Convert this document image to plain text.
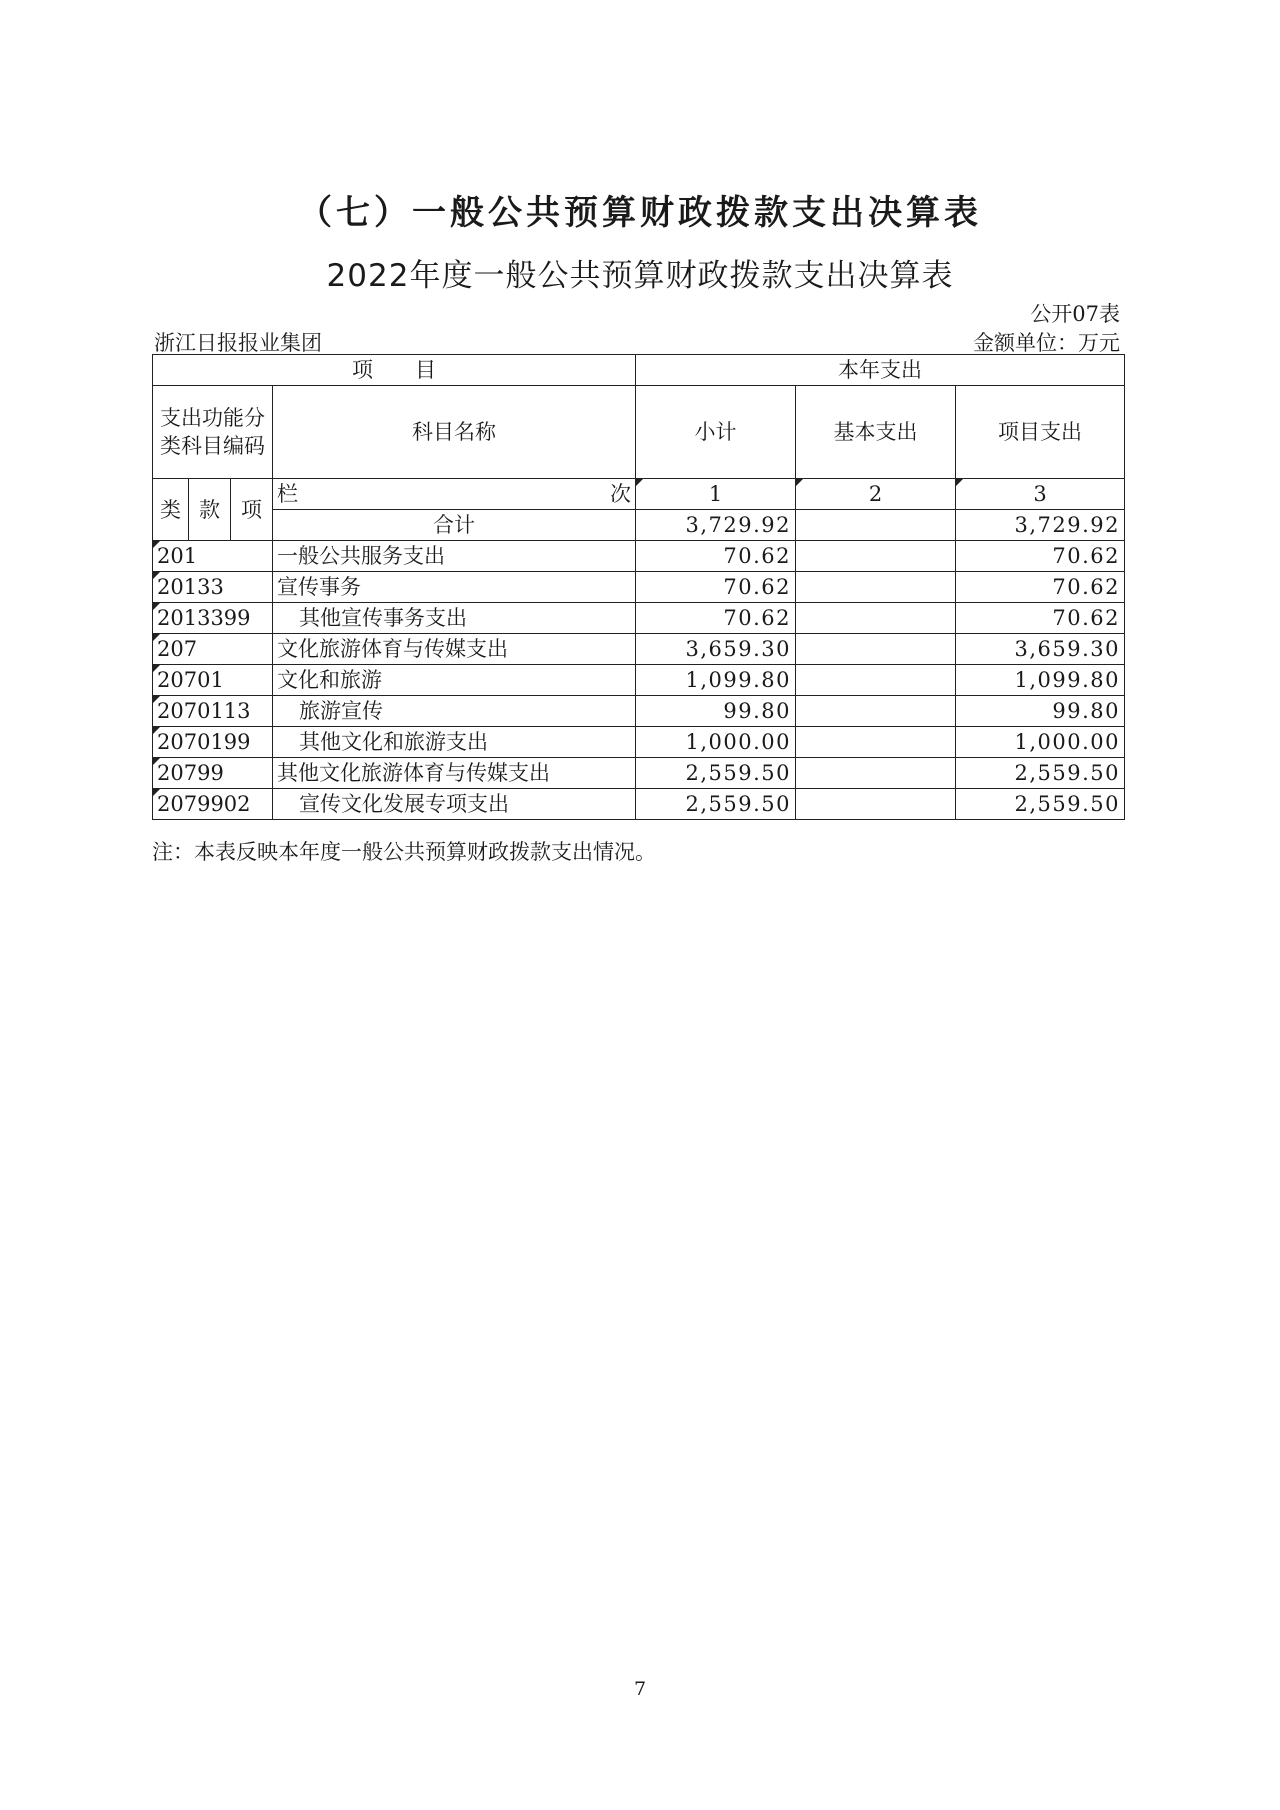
（七）一般公共预算财政拨款支出决算表
2022年度一般公共预算财政拨款支出决算表
公开07表
浙江日报报业集团	金额单位：万元
项　　目				本年支出		
支出功能分类科目编码			科目名称	小计	基本支出	项目支出
类	款	项	栏 次	1	2	3
			合计	3,729.92		3,729.92
201			一般公共服务支出	70.62		70.62
20133			宣传事务	70.62		70.62
2013399			其他宣传事务支出	70.62		70.62
207			文化旅游体育与传媒支出	3,659.30		3,659.30
20701			文化和旅游	1,099.80		1,099.80
2070113			旅游宣传	99.80		99.80
2070199			其他文化和旅游支出	1,000.00		1,000.00
20799			其他文化旅游体育与传媒支出	2,559.50		2,559.50
2079902			宣传文化发展专项支出	2,559.50		2,559.50
注：本表反映本年度一般公共预算财政拨款支出情况。
7
